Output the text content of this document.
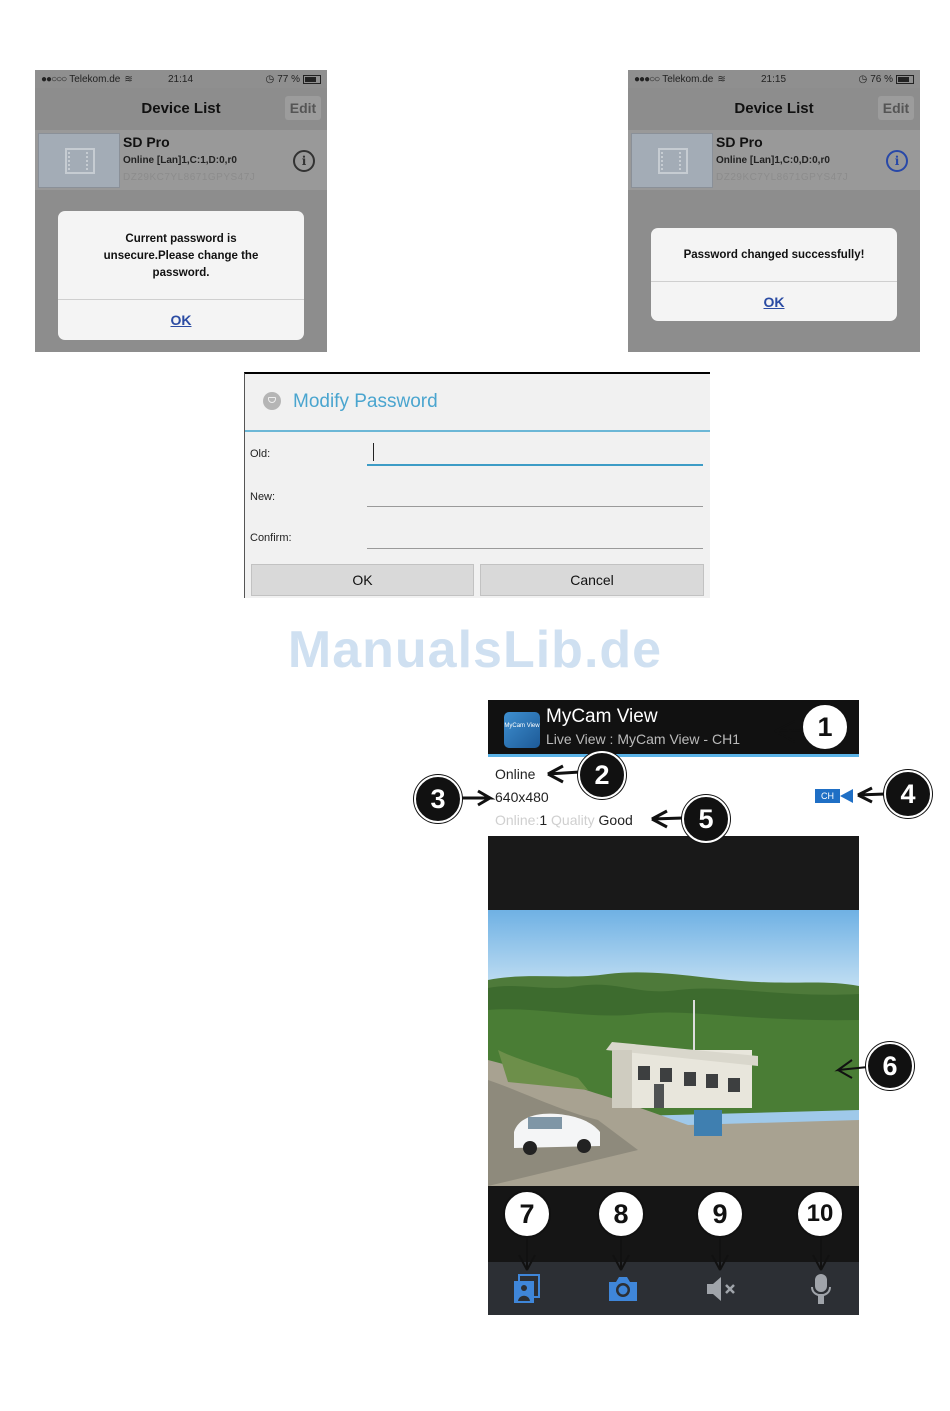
●●○○○ Telekom.de ≋	21:14	◷ 77 %
Device List	Edit
SD Pro
Online [Lan]1,C:1,D:0,r0
DZ29KC7YL8671GPYS47J
i
Current password is unsecure.Please change the password.
OK
●●●○○ Telekom.de ≋	21:15	◷ 76 %
Device List	Edit
SD Pro
Online [Lan]1,C:0,D:0,r0
DZ29KC7YL8671GPYS47J
i
Password changed successfully!
OK
Modify Password
Old:
New:
Confirm:
OK	Cancel
ManualsLib.de
MyCam View MyCam View
Live View : MyCam View - CH1
Online
640x480
Online:1 Quality Good
CH
1
2
3	4
5
6
7	8	9	10
